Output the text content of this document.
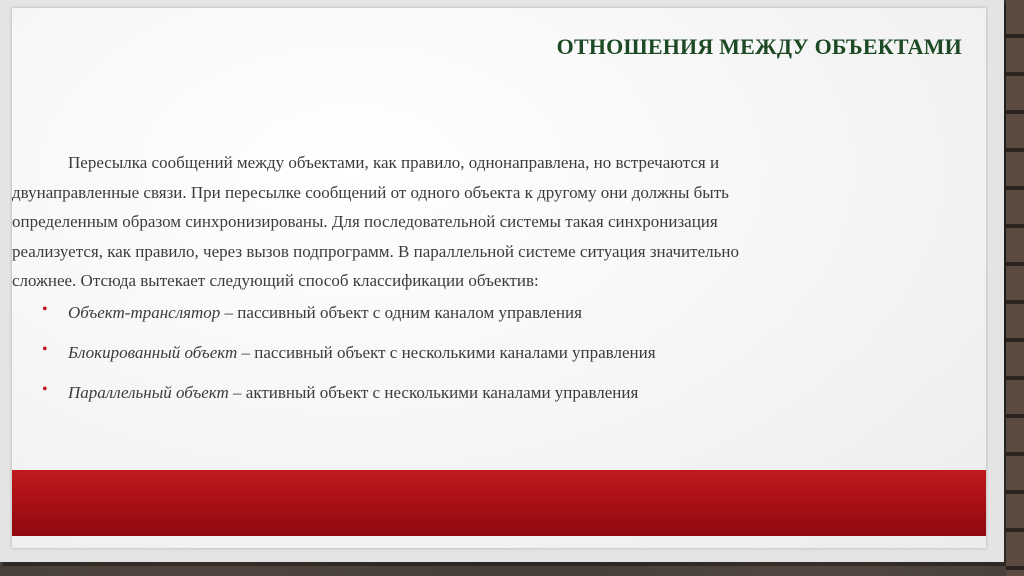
ОТНОШЕНИЯ МЕЖДУ ОБЪЕКТАМИ

Пересылка сообщений между объектами, как правило, однонаправлена, но встречаются и
двунаправленные связи. При пересылке сообщений от одного объекта к другому они должны быть
определенным образом синхронизированы. Для последовательной системы такая синхронизация
реализуется, как правило, через вызов подпрограмм. В параллельной системе ситуация значительно
сложнее. Отсюда вытекает следующий способ классификации объектив:

• Объект-транслятор – пассивный объект с одним каналом управления
• Блокированный объект – пассивный объект с несколькими каналами управления
• Параллельный объект – активный объект с несколькими каналами управления
